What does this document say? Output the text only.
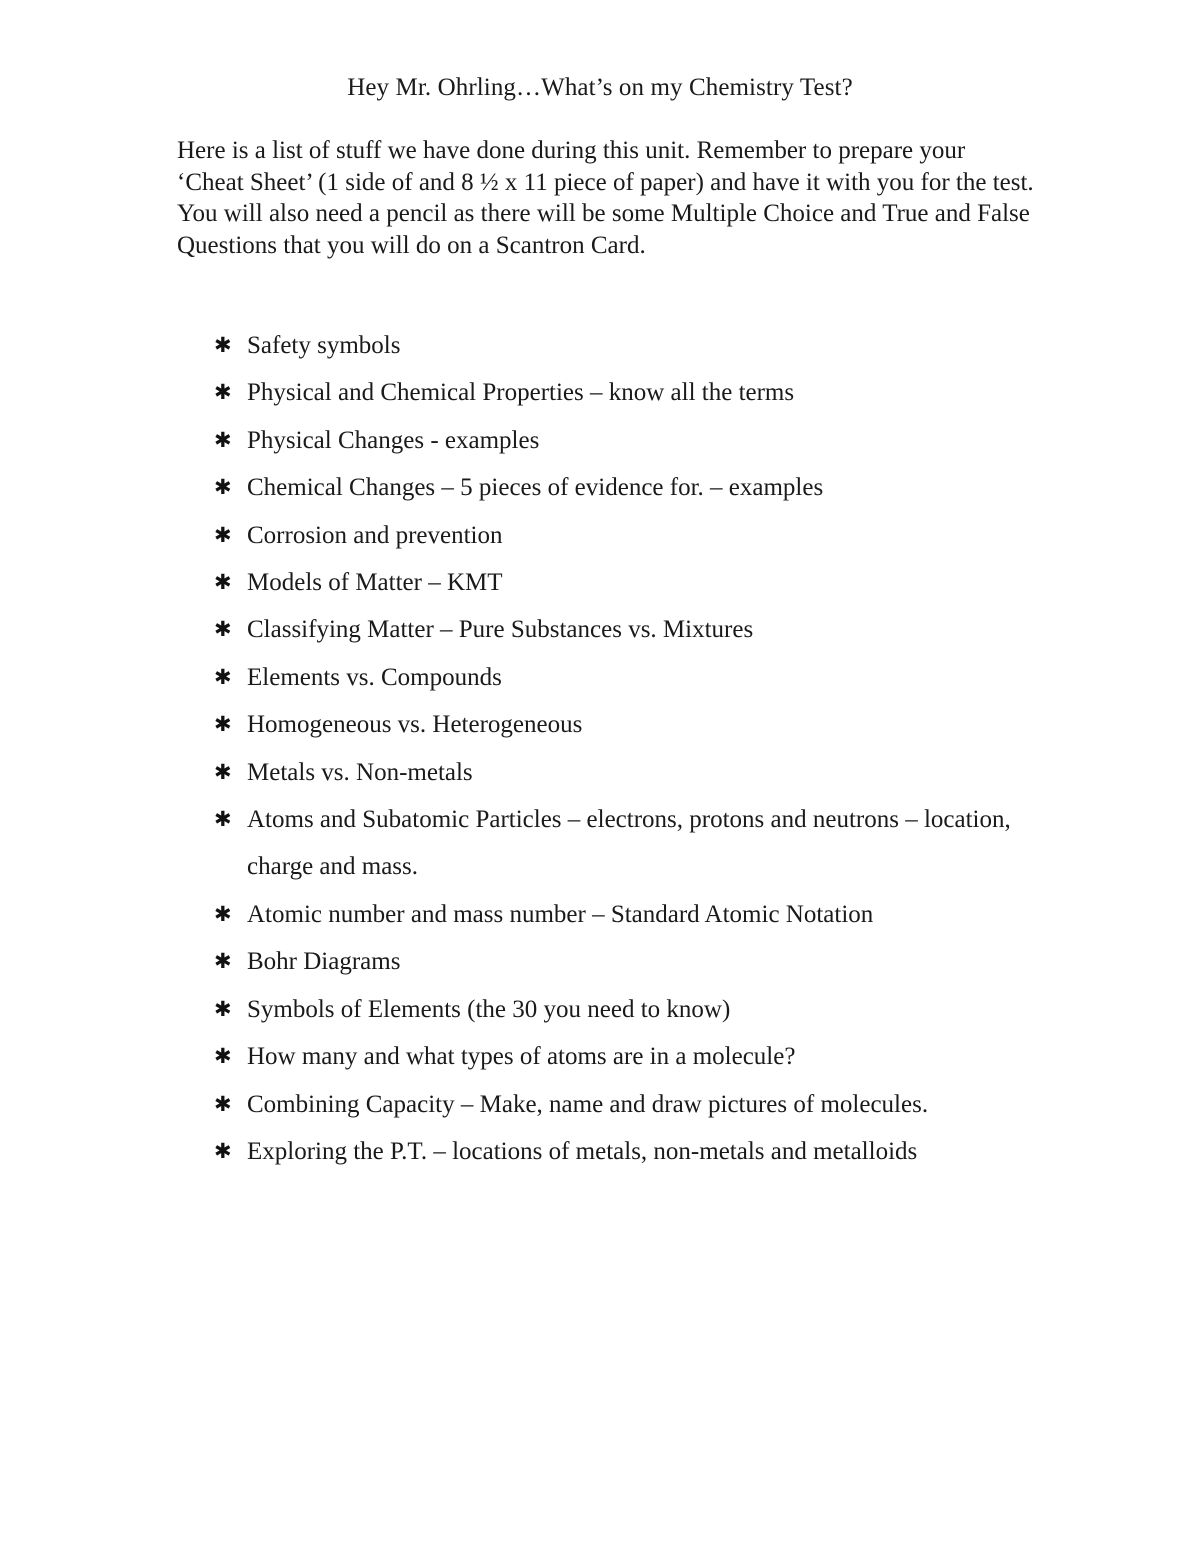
Hey Mr. Ohrling…What’s on my Chemistry Test?

Here is a list of stuff we have done during this unit. Remember to prepare your ‘Cheat Sheet’ (1 side of and 8 ½ x 11 piece of paper) and have it with you for the test.

You will also need a pencil as there will be some Multiple Choice and True and False Questions that you will do on a Scantron Card.

✱ Safety symbols
✱ Physical and Chemical Properties – know all the terms
✱ Physical Changes - examples
✱ Chemical Changes – 5 pieces of evidence for. – examples
✱ Corrosion and prevention
✱ Models of Matter – KMT
✱ Classifying Matter – Pure Substances vs. Mixtures
✱ Elements vs. Compounds
✱ Homogeneous vs. Heterogeneous
✱ Metals vs. Non-metals
✱ Atoms and Subatomic Particles – electrons, protons and neutrons – location, charge and mass.
✱ Atomic number and mass number – Standard Atomic Notation
✱ Bohr Diagrams
✱ Symbols of Elements (the 30 you need to know)
✱ How many and what types of atoms are in a molecule?
✱ Combining Capacity – Make, name and draw pictures of molecules.
✱ Exploring the P.T. – locations of metals, non-metals and metalloids
